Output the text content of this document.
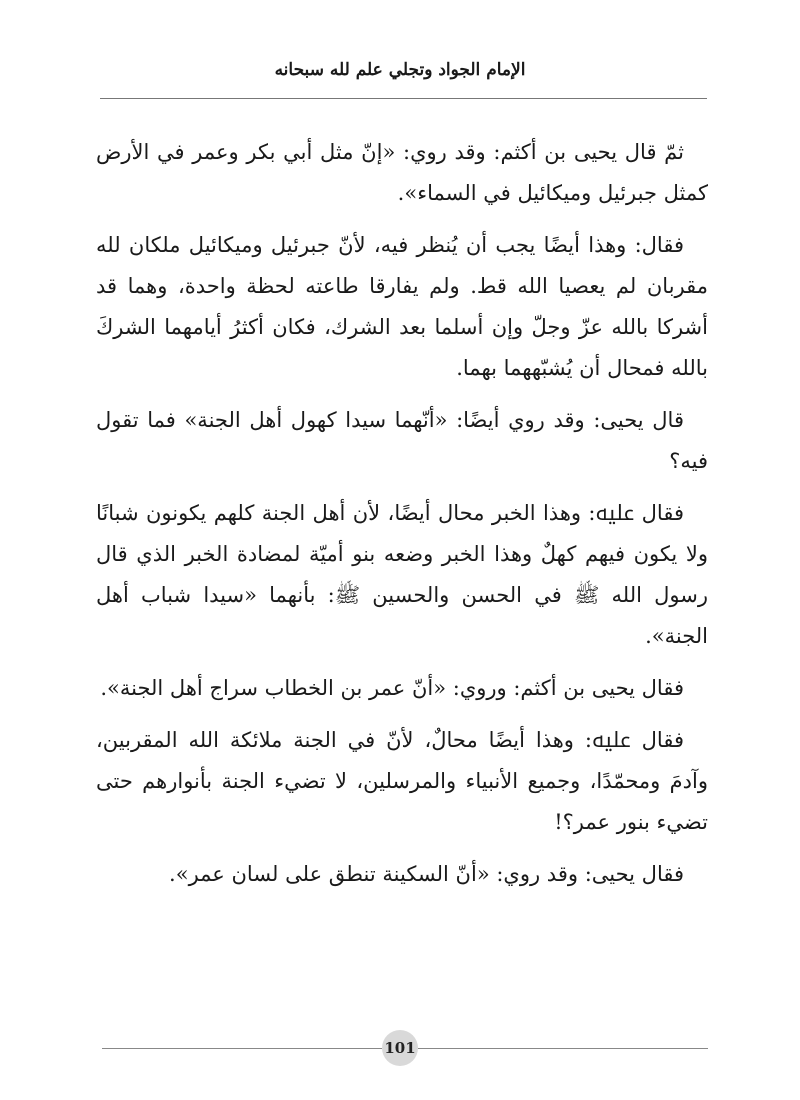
الإمام الجواد وتجلي علم لله سبحانه

ثمّ قال يحيى بن أكثم: وقد روي: «إنّ مثل أبي بكر وعمر في الأرض كمثل جبرئيل وميكائيل في السماء».

فقال: وهذا أيضًا يجب أن يُنظر فيه، لأنّ جبرئيل وميكائيل ملكان لله مقربان لم يعصيا الله قط. ولم يفارقا طاعته لحظة واحدة، وهما قد أشركا بالله عزّ وجلّ وإن أسلما بعد الشرك، فكان أكثرُ أيامهما الشركَ بالله فمحال أن يُشبّههما بهما.

قال يحيى: وقد روي أيضًا: «أنّهما سيدا كهول أهل الجنة» فما تقول فيه؟

فقال ﷷ: وهذا الخبر محال أيضًا، لأن أهل الجنة كلهم يكونون شبانًا ولا يكون فيهم كهلٌ وهذا الخبر وضعه بنو أميّة لمضادة الخبر الذي قال رسول الله ﷺ في الحسن والحسين ﷺ: بأنهما «سيدا شباب أهل الجنة».

فقال يحيى بن أكثم: وروي: «أنّ عمر بن الخطاب سراج أهل الجنة».

فقال ﷷ: وهذا أيضًا محالٌ، لأنّ في الجنة ملائكة الله المقربين، وآدمَ ومحمّدًا، وجميع الأنبياء والمرسلين، لا تضيء الجنة بأنوارهم حتى تضيء بنور عمر؟!

فقال يحيى: وقد روي: «أنّ السكينة تنطق على لسان عمر».

101
